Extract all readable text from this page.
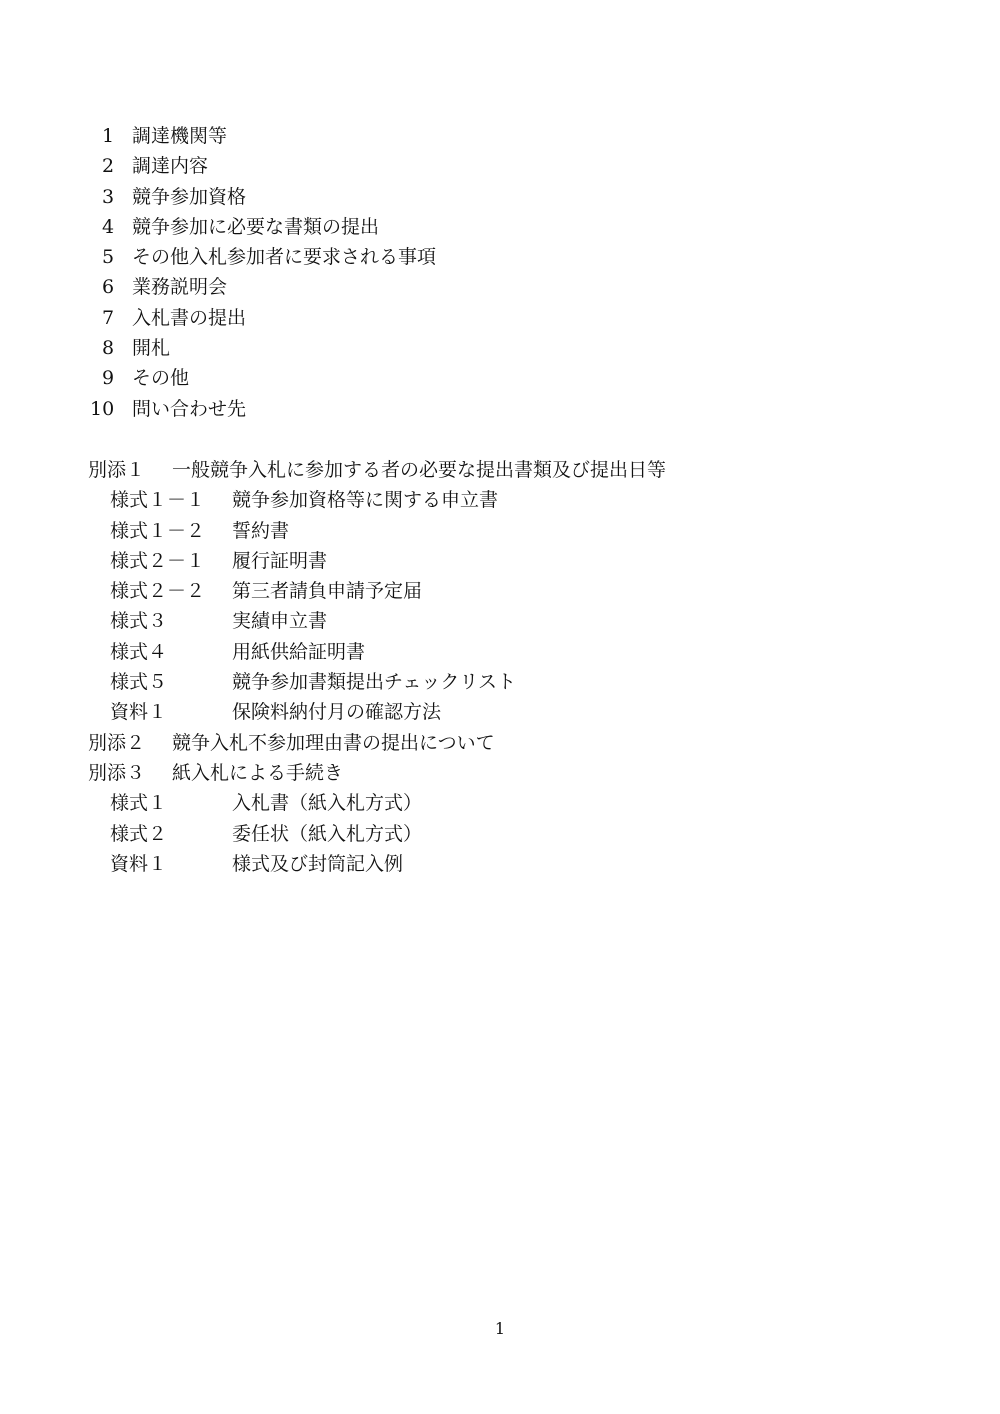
1 調達機関等
2 調達内容
3 競争参加資格
4 競争参加に必要な書類の提出
5 その他入札参加者に要求される事項
6 業務説明会
7 入札書の提出
8 開札
9 その他
10 問い合わせ先
別添１ 一般競争入札に参加する者の必要な提出書類及び提出日等
様式１－１ 競争参加資格等に関する申立書
様式１－２ 誓約書
様式２－１ 履行証明書
様式２－２ 第三者請負申請予定届
様式３	実績申立書
様式４	用紙供給証明書
様式５	競争参加書類提出チェックリスト
資料１	保険料納付月の確認方法
別添２ 競争入札不参加理由書の提出について
別添３ 紙入札による手続き
様式１	入札書（紙入札方式）
様式２	委任状（紙入札方式）
資料１	様式及び封筒記入例
1
